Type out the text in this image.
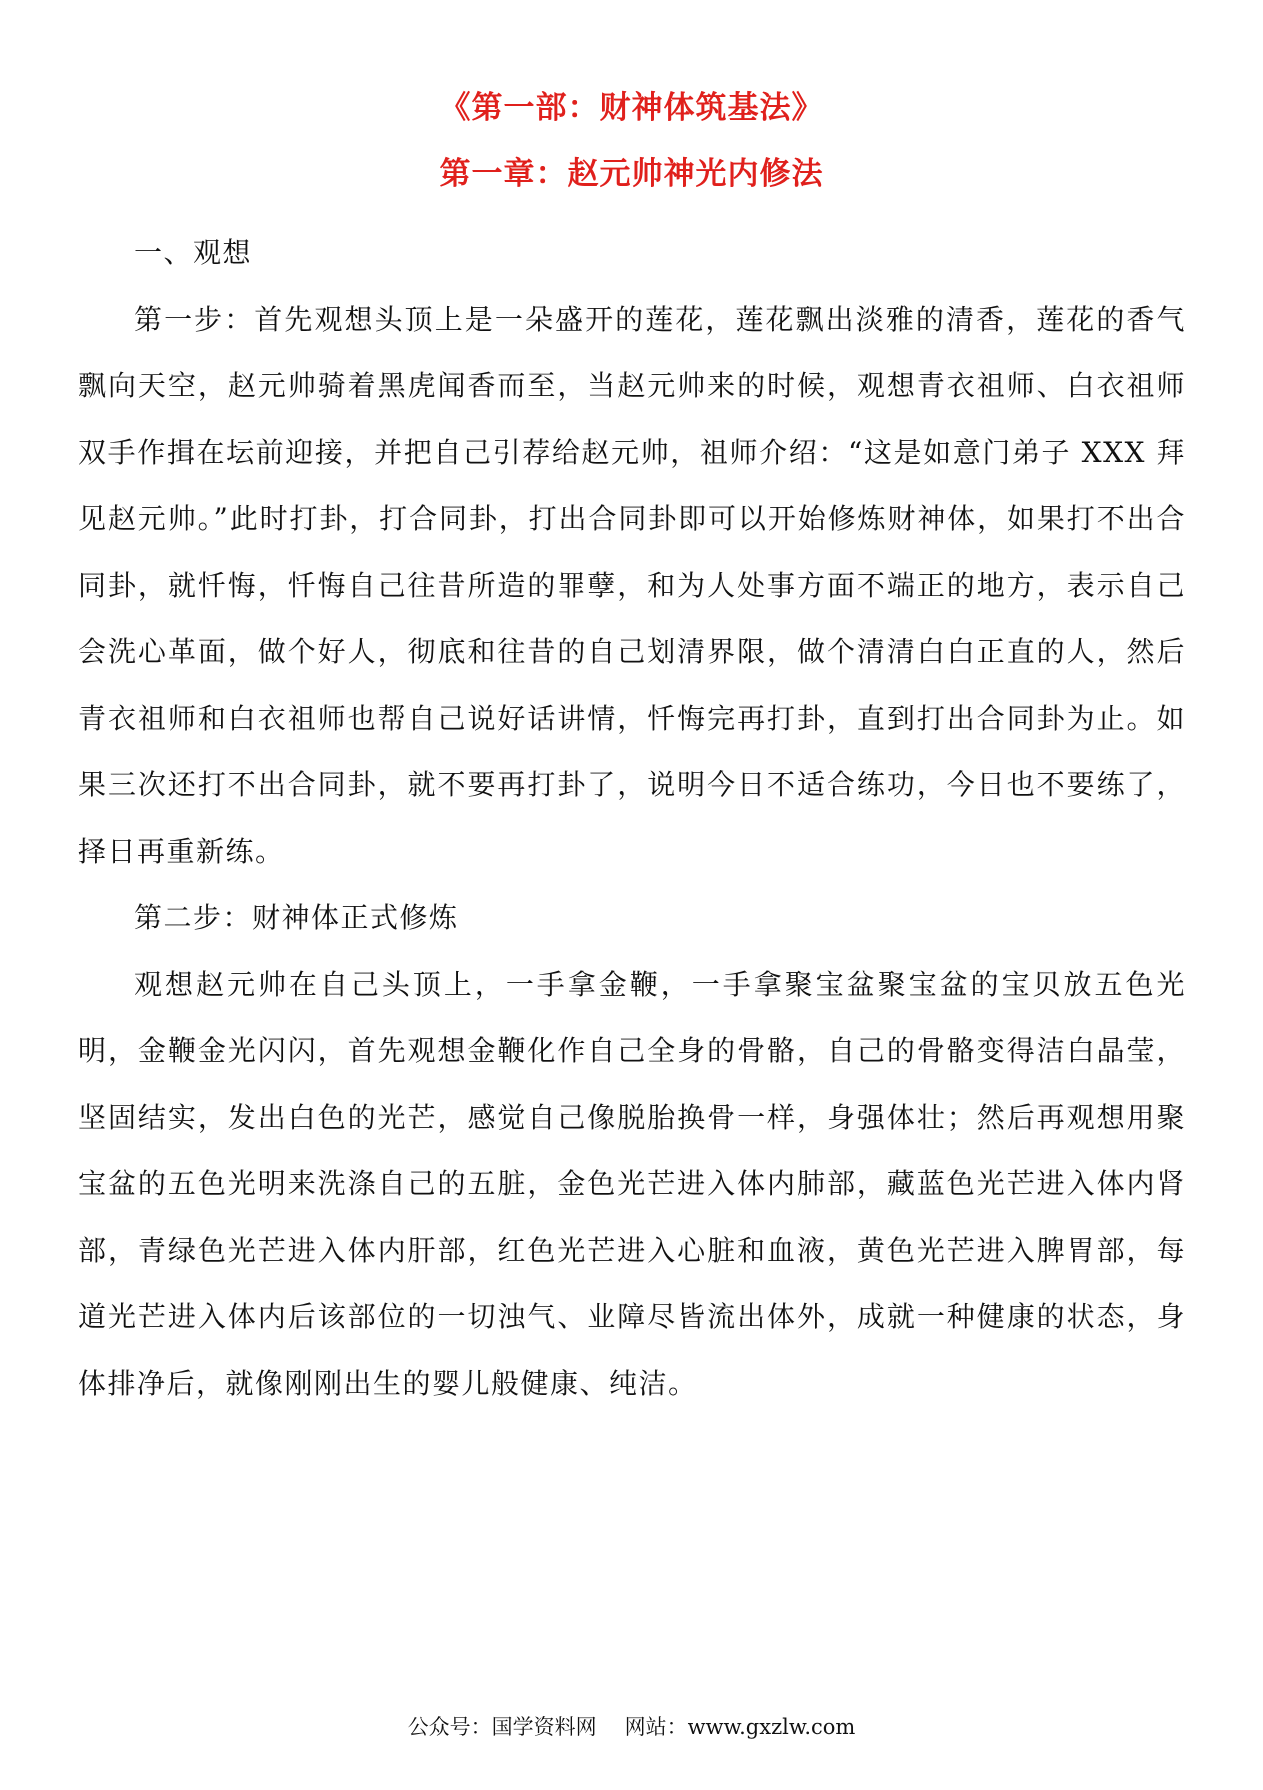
《第一部：财神体筑基法》
第一章：赵元帅神光内修法

一、观想

第一步：首先观想头顶上是一朵盛开的莲花，莲花飘出淡雅的清香，莲花的香气飘向天空，赵元帅骑着黑虎闻香而至，当赵元帅来的时候，观想青衣祖师、白衣祖师双手作揖在坛前迎接，并把自己引荐给赵元帅，祖师介绍：“这是如意门弟子 XXX 拜见赵元帅。”此时打卦，打合同卦，打出合同卦即可以开始修炼财神体，如果打不出合同卦，就忏悔，忏悔自己往昔所造的罪孽，和为人处事方面不端正的地方，表示自己会洗心革面，做个好人，彻底和往昔的自己划清界限，做个清清白白正直的人，然后青衣祖师和白衣祖师也帮自己说好话讲情，忏悔完再打卦，直到打出合同卦为止。如果三次还打不出合同卦，就不要再打卦了，说明今日不适合练功，今日也不要练了，择日再重新练。

第二步：财神体正式修炼

观想赵元帅在自己头顶上，一手拿金鞭，一手拿聚宝盆聚宝盆的宝贝放五色光明，金鞭金光闪闪，首先观想金鞭化作自己全身的骨骼，自己的骨骼变得洁白晶莹，坚固结实，发出白色的光芒，感觉自己像脱胎换骨一样，身强体壮；然后再观想用聚宝盆的五色光明来洗涤自己的五脏，金色光芒进入体内肺部，藏蓝色光芒进入体内肾部，青绿色光芒进入体内肝部，红色光芒进入心脏和血液，黄色光芒进入脾胃部，每道光芒进入体内后该部位的一切浊气、业障尽皆流出体外，成就一种健康的状态，身体排净后，就像刚刚出生的婴儿般健康、纯洁。

公众号：国学资料网 网站：www.gxzlw.com
